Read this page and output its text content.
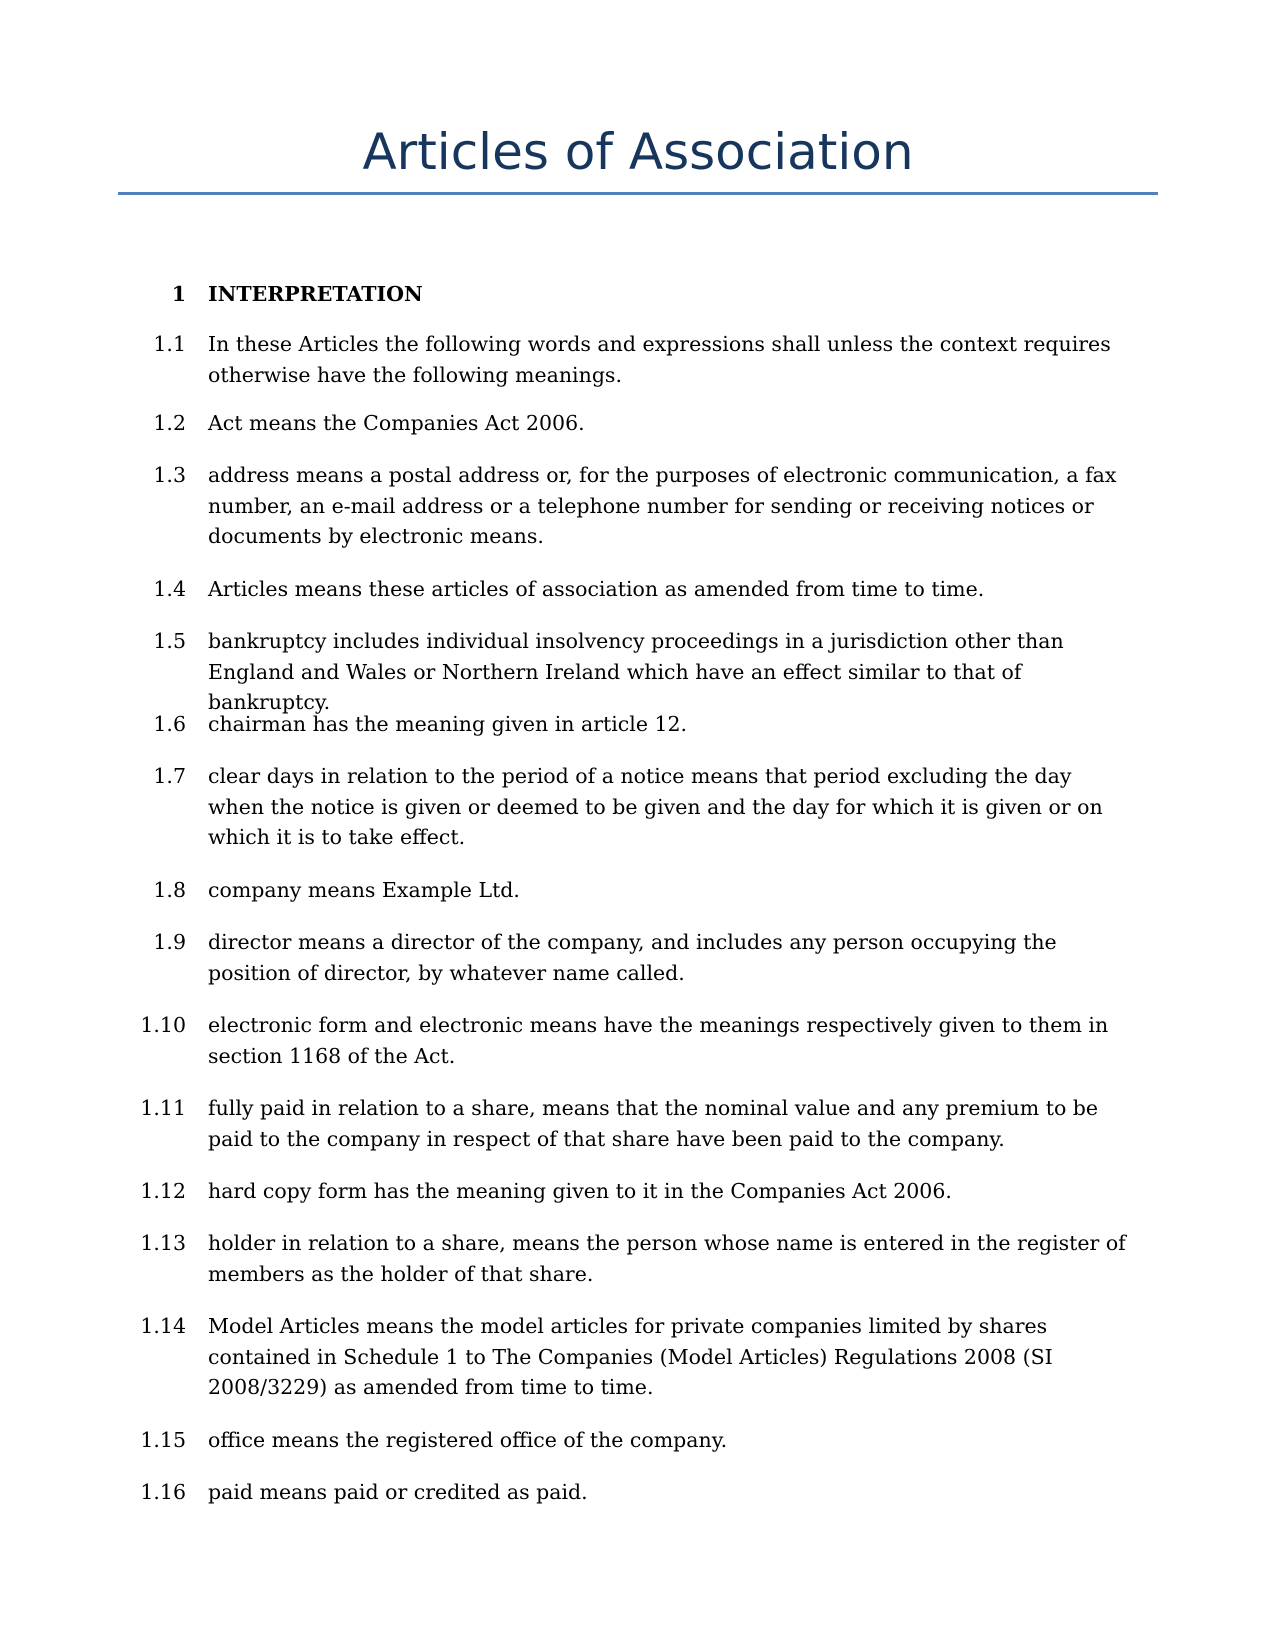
Articles of Association
1 INTERPRETATION
1.1 In these Articles the following words and expressions shall unless the context requires otherwise have the following meanings.

1.2 Act means the Companies Act 2006.

1.3 address means a postal address or, for the purposes of electronic communication, a fax number, an e-mail address or a telephone number for sending or receiving notices or documents by electronic means.

1.4 Articles means these articles of association as amended from time to time.

1.5 bankruptcy includes individual insolvency proceedings in a jurisdiction other than England and Wales or Northern Ireland which have an effect similar to that of bankruptcy.

1.6 chairman has the meaning given in article 12.

1.7 clear days in relation to the period of a notice means that period excluding the day when the notice is given or deemed to be given and the day for which it is given or on which it is to take effect.

1.8 company means Example Ltd.

1.9 director means a director of the company, and includes any person occupying the position of director, by whatever name called.

1.10 electronic form and electronic means have the meanings respectively given to them in section 1168 of the Act.

1.11 fully paid in relation to a share, means that the nominal value and any premium to be paid to the company in respect of that share have been paid to the company.

1.12 hard copy form has the meaning given to it in the Companies Act 2006.

1.13 holder in relation to a share, means the person whose name is entered in the register of members as the holder of that share.

1.14 Model Articles means the model articles for private companies limited by shares contained in Schedule 1 to The Companies (Model Articles) Regulations 2008 (SI 2008/3229) as amended from time to time.

1.15 office means the registered office of the company.

1.16 paid means paid or credited as paid.
